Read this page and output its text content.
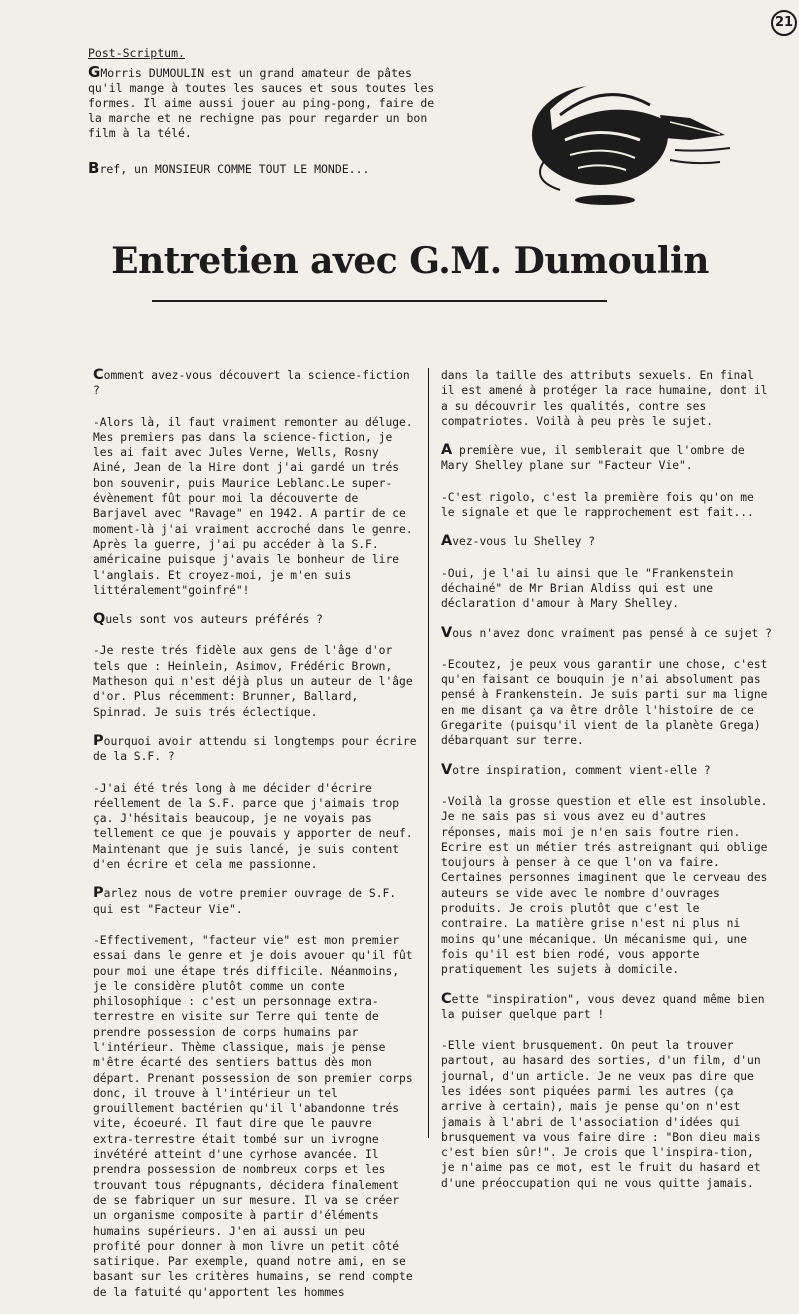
21
Post-Scriptum.

GMorris DUMOULIN est un grand amateur de pâtes qu'il mange à toutes les sauces et sous toutes les formes. Il aime aussi jouer au ping-pong, faire de la marche et ne rechigne pas pour regarder un bon film à la télé.

Bref, un MONSIEUR COMME TOUT LE MONDE...

Entretien avec G.M. Dumoulin

Comment avez-vous découvert la science-fiction ?

-Alors là, il faut vraiment remonter au déluge. Mes premiers pas dans la science-fiction, je les ai fait avec Jules Verne, Wells, Rosny Ainé, Jean de la Hire dont j'ai gardé un trés bon souvenir, puis Maurice Leblanc.Le super-évènement fût pour moi la découverte de Barjavel avec "Ravage" en 1942. A partir de ce moment-là j'ai vraiment accroché dans le genre. Après la guerre, j'ai pu accéder à la S.F. américaine puisque j'avais le bonheur de lire l'anglais. Et croyez-moi, je m'en suis littéralement"goinfré"!

Quels sont vos auteurs préférés ?

-Je reste trés fidèle aux gens de l'âge d'or tels que : Heinlein, Asimov, Frédéric Brown, Matheson qui n'est déjà plus un auteur de l'âge d'or. Plus récemment: Brunner, Ballard, Spinrad. Je suis trés éclectique.

Pourquoi avoir attendu si longtemps pour écrire de la S.F. ?

-J'ai été trés long à me décider d'écrire réellement de la S.F. parce que j'aimais trop ça. J'hésitais beaucoup, je ne voyais pas tellement ce que je pouvais y apporter de neuf. Maintenant que je suis lancé, je suis content d'en écrire et cela me passionne.

Parlez nous de votre premier ouvrage de S.F. qui est "Facteur Vie".

-Effectivement, "facteur vie" est mon premier essai dans le genre et je dois avouer qu'il fût pour moi une étape trés difficile. Néanmoins, je le considère plutôt comme un conte philosophique : c'est un personnage extra-terrestre en visite sur Terre qui tente de prendre possession de corps humains par l'intérieur. Thème classique, mais je pense m'être écarté des sentiers battus dès mon départ. Prenant possession de son premier corps donc, il trouve à l'intérieur un tel grouillement bactérien qu'il l'abandonne trés vite, écoeuré. Il faut dire que le pauvre extra-terrestre était tombé sur un ivrogne invétéré atteint d'une cyrhose avancée. Il prendra possession de nombreux corps et les trouvant tous répugnants, décidera finalement de se fabriquer un sur mesure. Il va se créer un organisme composite à partir d'éléments humains supérieurs. J'en ai aussi un peu profité pour donner à mon livre un petit côté satirique. Par exemple, quand notre ami, en se basant sur les critères humains, se rend compte de la fatuité qu'apportent les hommes

dans la taille des attributs sexuels. En final il est amené à protéger la race humaine, dont il a su découvrir les qualités, contre ses compatriotes. Voilà à peu près le sujet.

A première vue, il semblerait que l'ombre de Mary Shelley plane sur "Facteur Vie".

-C'est rigolo, c'est la première fois qu'on me le signale et que le rapprochement est fait...

Avez-vous lu Shelley ?

-Oui, je l'ai lu ainsi que le "Frankenstein déchainé" de Mr Brian Aldiss qui est une déclaration d'amour à Mary Shelley.

Vous n'avez donc vraiment pas pensé à ce sujet ?

-Ecoutez, je peux vous garantir une chose, c'est qu'en faisant ce bouquin je n'ai absolument pas pensé à Frankenstein. Je suis parti sur ma ligne en me disant ça va être drôle l'histoire de ce Gregarite (puisqu'il vient de la planète Grega) débarquant sur terre.

Votre inspiration, comment vient-elle ?

-Voilà la grosse question et elle est insoluble. Je ne sais pas si vous avez eu d'autres réponses, mais moi je n'en sais foutre rien. Ecrire est un métier trés astreignant qui oblige toujours à penser à ce que l'on va faire. Certaines personnes imaginent que le cerveau des auteurs se vide avec le nombre d'ouvrages produits. Je crois plutôt que c'est le contraire. La matière grise n'est ni plus ni moins qu'une mécanique. Un mécanisme qui, une fois qu'il est bien rodé, vous apporte pratiquement les sujets à domicile.

Cette "inspiration", vous devez quand même bien la puiser quelque part !

-Elle vient brusquement. On peut la trouver partout, au hasard des sorties, d'un film, d'un journal, d'un article. Je ne veux pas dire que les idées sont piquées parmi les autres (ça arrive à certain), mais je pense qu'on n'est jamais à l'abri de l'association d'idées qui brusquement va vous faire dire : "Bon dieu mais c'est bien sûr!". Je crois que l'inspira-tion, je n'aime pas ce mot, est le fruit du hasard et d'une préoccupation qui ne vous quitte jamais.
